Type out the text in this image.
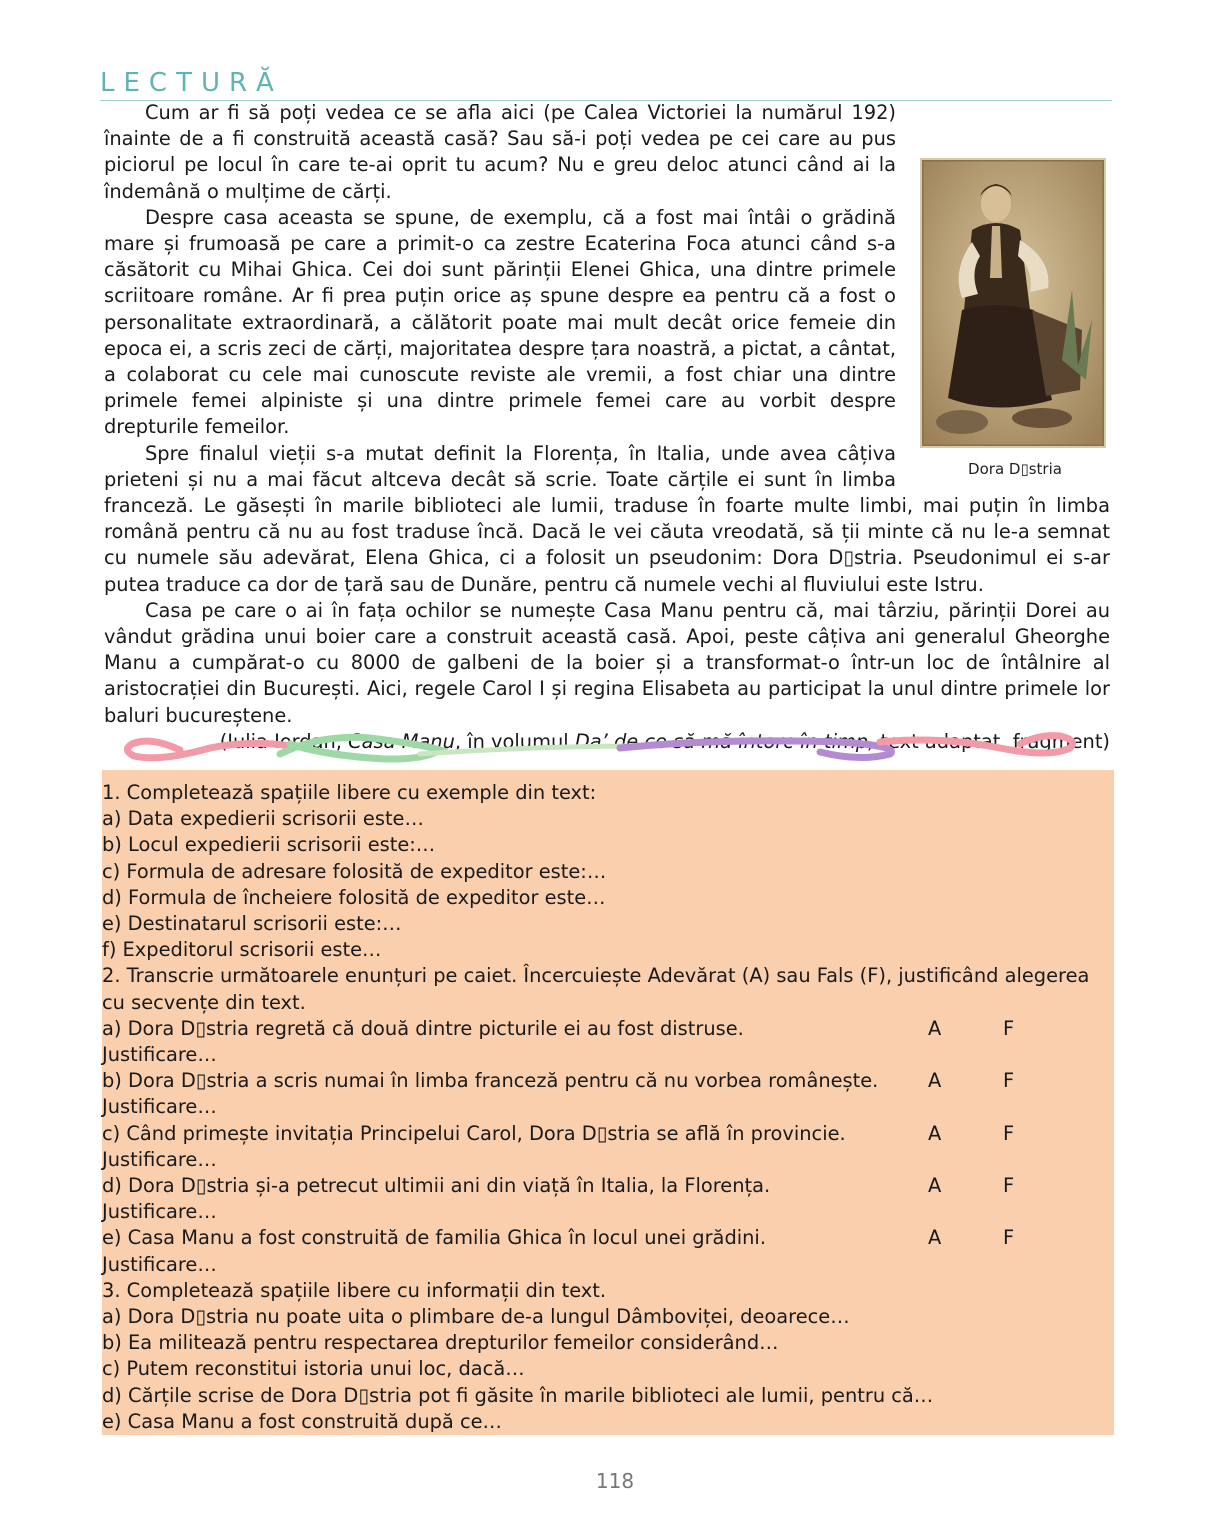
LECTURĂ
Dora D▯stria

Cum ar fi să poți vedea ce se afla aici (pe Calea Victoriei la numărul 192) înainte de a fi construită această casă? Sau să-i poți vedea pe cei care au pus piciorul pe locul în care te-ai oprit tu acum? Nu e greu deloc atunci când ai la îndemână o mulțime de cărți.

Despre casa aceasta se spune, de exemplu, că a fost mai întâi o grădină mare și frumoasă pe care a primit-o ca zestre Ecaterina Foca atunci când s-a căsătorit cu Mihai Ghica. Cei doi sunt părinții Elenei Ghica, una dintre primele scriitoare române. Ar fi prea puțin orice aș spune despre ea pentru că a fost o personalitate extraordinară, a călătorit poate mai mult decât orice femeie din epoca ei, a scris zeci de cărți, majoritatea despre țara noastră, a pictat, a cântat, a colaborat cu cele mai cunoscute reviste ale vremii, a fost chiar una dintre primele femei alpiniste și una dintre primele femei care au vorbit despre drepturile femeilor.

Spre finalul vieții s-a mutat definit la Florența, în Italia, unde avea câțiva prieteni și nu a mai făcut altceva decât să scrie. Toate cărțile ei sunt în limba franceză. Le găsești în marile biblioteci ale lumii, traduse în foarte multe limbi, mai puțin în limba română pentru că nu au fost traduse încă. Dacă le vei căuta vreodată, să ții minte că nu le-a semnat cu numele său adevărat, Elena Ghica, ci a folosit un pseudonim: Dora D▯stria. Pseudonimul ei s-ar putea traduce ca dor de țară sau de Dunăre, pentru că numele vechi al fluviului este Istru.

Casa pe care o ai în fața ochilor se numește Casa Manu pentru că, mai târziu, părinții Dorei au vândut grădina unui boier care a construit această casă. Apoi, peste câțiva ani generalul Gheorghe Manu a cumpărat-o cu 8000 de galbeni de la boier și a transformat-o într-un loc de întâlnire al aristocrației din București. Aici, regele Carol I și regina Elisabeta au participat la unul dintre primele lor baluri bucureștene.

(Iulia Iordan, Casa Manu, în volumul Da’ de ce să mă întorc în timp, text adaptat, fragment)

1. Completează spațiile libere cu exemple din text:
a) Data expedierii scrisorii este…
b) Locul expedierii scrisorii este:…
c) Formula de adresare folosită de expeditor este:…
d) Formula de încheiere folosită de expeditor este…
e) Destinatarul scrisorii este:…
f) Expeditorul scrisorii este…
2. Transcrie următoarele enunțuri pe caiet. Încercuiește Adevărat (A) sau Fals (F), justificând alegerea
cu secvențe din text.
a) Dora D▯stria regretă că două dintre picturile ei au fost distruse.	A	F
Justificare…
b) Dora D▯stria a scris numai în limba franceză pentru că nu vorbea românește.	A	F
Justificare…
c) Când primește invitația Principelui Carol, Dora D▯stria se află în provincie.	A	F
Justificare…
d) Dora D▯stria și-a petrecut ultimii ani din viață în Italia, la Florența.	A	F
Justificare…
e) Casa Manu a fost construită de familia Ghica în locul unei grădini.	A	F
Justificare…
3. Completează spațiile libere cu informații din text.
a) Dora D▯stria nu poate uita o plimbare de-a lungul Dâmboviței, deoarece…
b) Ea militează pentru respectarea drepturilor femeilor considerând…
c) Putem reconstitui istoria unui loc, dacă…
d) Cărțile scrise de Dora D▯stria pot fi găsite în marile biblioteci ale lumii, pentru că…
e) Casa Manu a fost construită după ce…
118
